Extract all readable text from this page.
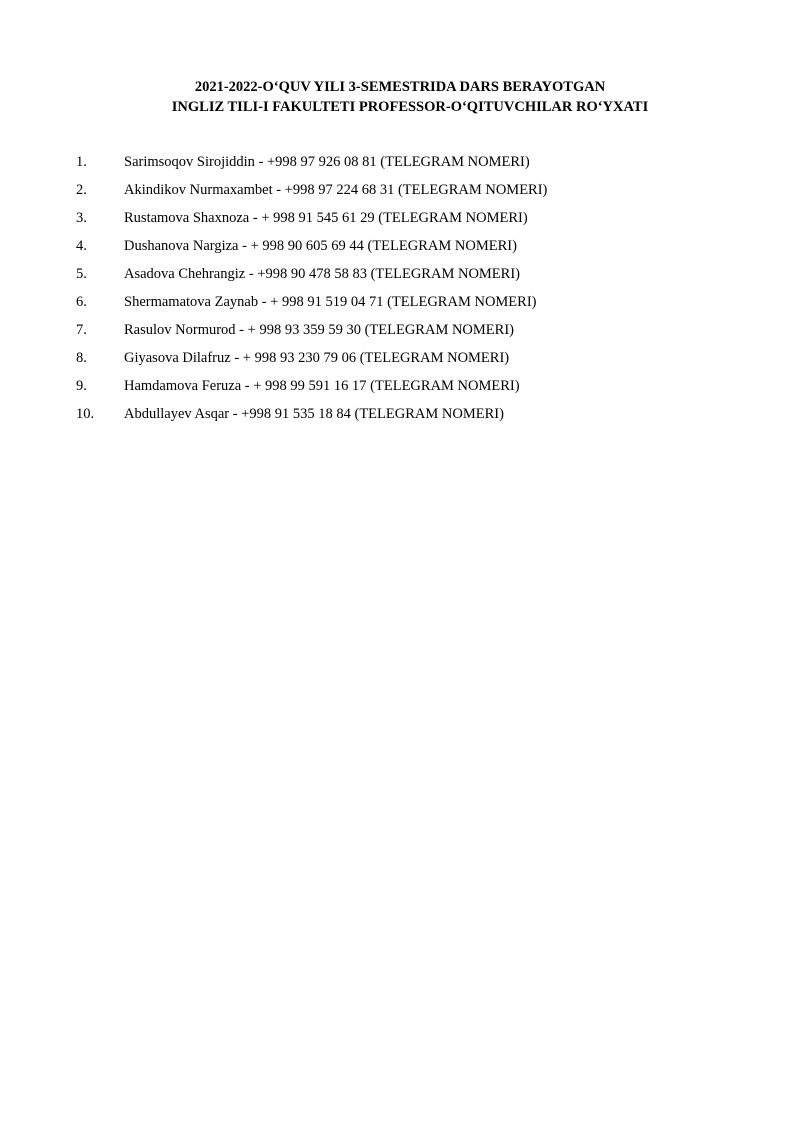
2021-2022-O‘QUV YILI 3-SEMESTRIDA DARS BERAYOTGAN
INGLIZ TILI-I FAKULTETI PROFESSOR-O‘QITUVCHILAR RO‘YXATI
1.	Sarimsoqov Sirojiddin - +998 97 926 08 81 (TELEGRAM NOMERI)
2.	Akindikov Nurmaxambet - +998 97 224 68 31 (TELEGRAM NOMERI)
3.	Rustamova Shaxnoza - + 998 91 545 61 29 (TELEGRAM NOMERI)
4.	Dushanova Nargiza - + 998 90 605 69 44 (TELEGRAM NOMERI)
5.	Asadova Chehrangiz - +998 90 478 58 83 (TELEGRAM NOMERI)
6.	Shermamatova Zaynab - + 998 91 519 04 71 (TELEGRAM NOMERI)
7.	Rasulov Normurod - + 998 93 359 59 30 (TELEGRAM NOMERI)
8.	Giyasova Dilafruz - + 998 93 230 79 06 (TELEGRAM NOMERI)
9.	Hamdamova Feruza - + 998 99 591 16 17 (TELEGRAM NOMERI)
10. Abdullayev Asqar - +998 91 535 18 84 (TELEGRAM NOMERI)
